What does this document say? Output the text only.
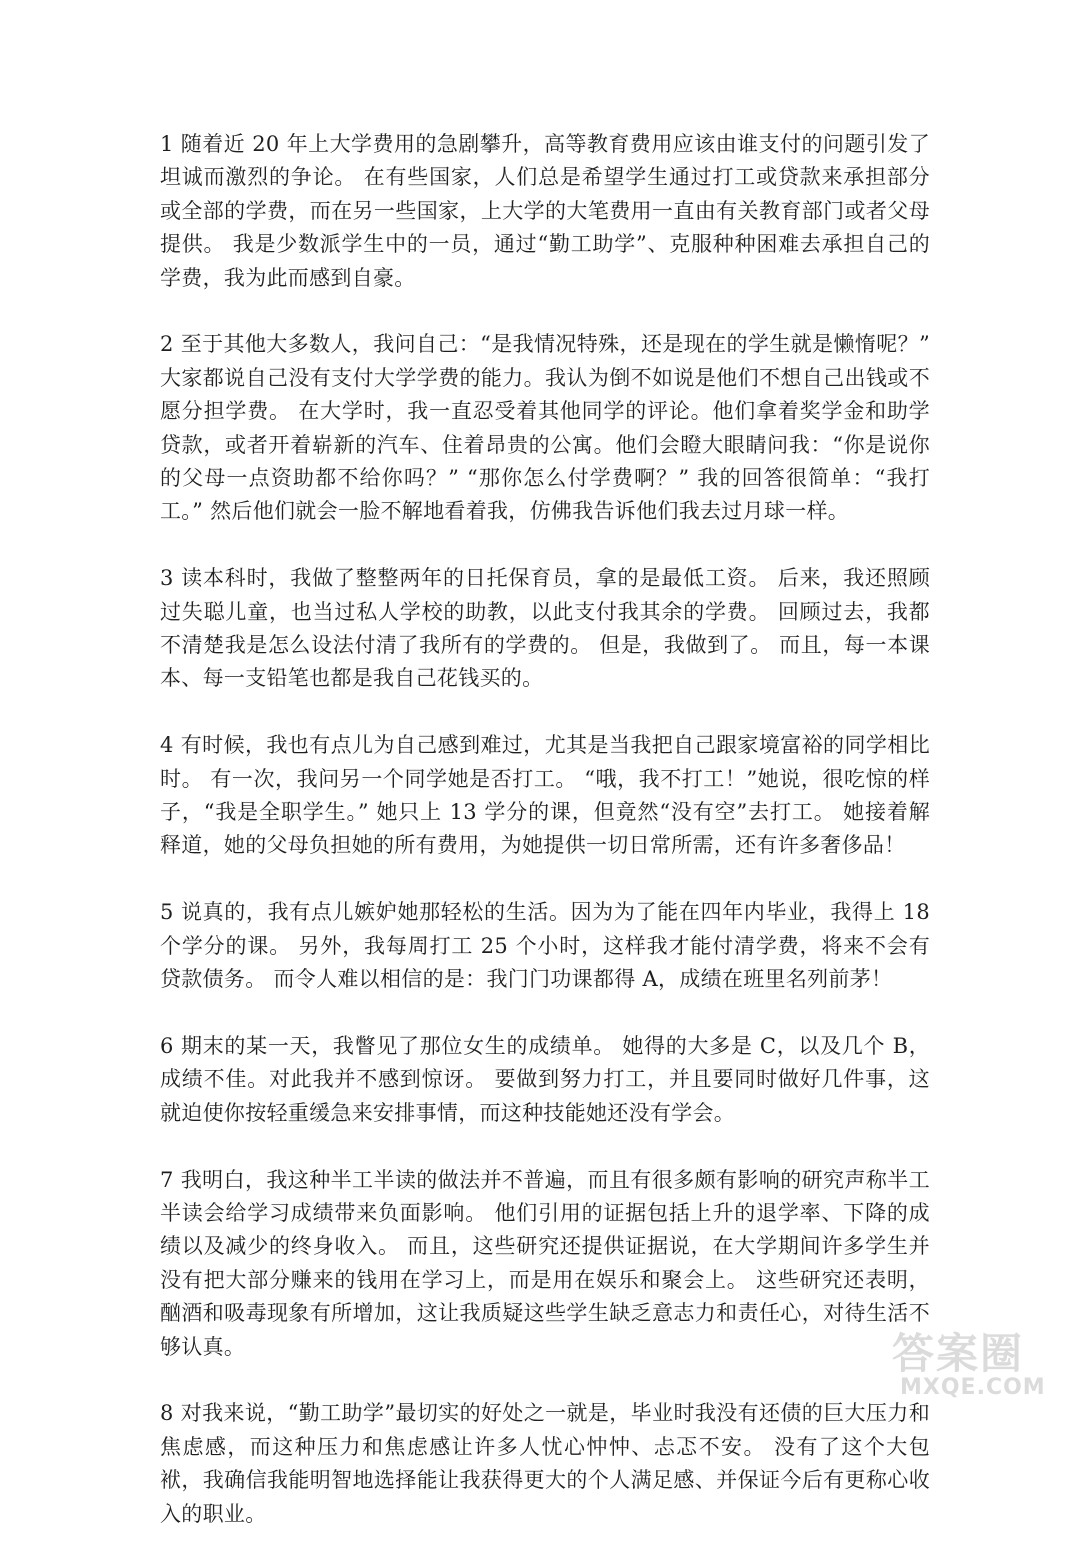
1 随着近 20 年上大学费用的急剧攀升，高等教育费用应该由谁支付的问题引发了坦诚而激烈的争论。 在有些国家，人们总是希望学生通过打工或贷款来承担部分或全部的学费，而在另一些国家，上大学的大笔费用一直由有关教育部门或者父母提供。 我是少数派学生中的一员，通过“勤工助学”、克服种种困难去承担自己的学费，我为此而感到自豪。

2 至于其他大多数人，我问自己：“是我情况特殊，还是现在的学生就是懒惰呢？” 大家都说自己没有支付大学学费的能力。我认为倒不如说是他们不想自己出钱或不愿分担学费。 在大学时，我一直忍受着其他同学的评论。他们拿着奖学金和助学贷款，或者开着崭新的汽车、住着昂贵的公寓。他们会瞪大眼睛问我：“你是说你的父母一点资助都不给你吗？” “那你怎么付学费啊？” 我的回答很简单：“我打工。” 然后他们就会一脸不解地看着我，仿佛我告诉他们我去过月球一样。

3 读本科时，我做了整整两年的日托保育员，拿的是最低工资。 后来，我还照顾过失聪儿童，也当过私人学校的助教，以此支付我其余的学费。 回顾过去，我都不清楚我是怎么设法付清了我所有的学费的。 但是，我做到了。 而且，每一本课本、每一支铅笔也都是我自己花钱买的。

4 有时候，我也有点儿为自己感到难过，尤其是当我把自己跟家境富裕的同学相比时。 有一次，我问另一个同学她是否打工。 “哦，我不打工！”她说，很吃惊的样子，“我是全职学生。” 她只上 13 学分的课，但竟然“没有空”去打工。 她接着解释道，她的父母负担她的所有费用，为她提供一切日常所需，还有许多奢侈品！

5 说真的，我有点儿嫉妒她那轻松的生活。因为为了能在四年内毕业，我得上 18 个学分的课。 另外，我每周打工 25 个小时，这样我才能付清学费，将来不会有贷款债务。 而令人难以相信的是：我门门功课都得 A，成绩在班里名列前茅！

6 期末的某一天，我瞥见了那位女生的成绩单。 她得的大多是 C，以及几个 B，成绩不佳。对此我并不感到惊讶。 要做到努力打工，并且要同时做好几件事，这就迫使你按轻重缓急来安排事情，而这种技能她还没有学会。

7 我明白，我这种半工半读的做法并不普遍，而且有很多颇有影响的研究声称半工半读会给学习成绩带来负面影响。 他们引用的证据包括上升的退学率、下降的成绩以及减少的终身收入。 而且，这些研究还提供证据说，在大学期间许多学生并没有把大部分赚来的钱用在学习上，而是用在娱乐和聚会上。 这些研究还表明，酗酒和吸毒现象有所增加，这让我质疑这些学生缺乏意志力和责任心，对待生活不够认真。

8 对我来说，“勤工助学”最切实的好处之一就是，毕业时我没有还债的巨大压力和焦虑感，而这种压力和焦虑感让许多人忧心忡忡、忐忑不安。 没有了这个大包袱，我确信我能明智地选择能让我获得更大的个人满足感、并保证今后有更称心收入的职业。

答案圈
MXQE.COM
